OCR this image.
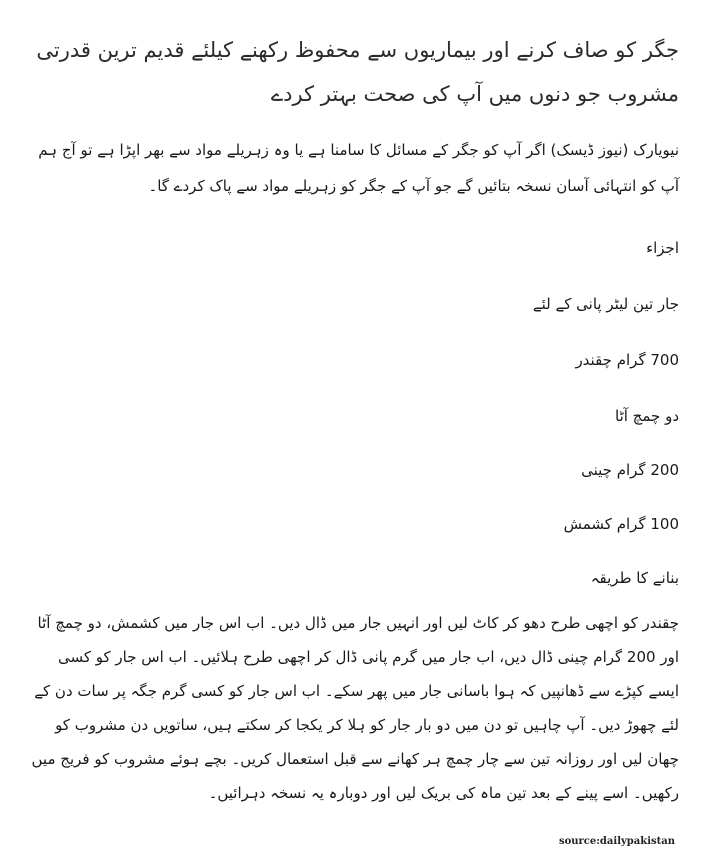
جگر کو صاف کرنے اور بیماریوں سے محفوظ رکھنے کیلئے قدیم ترین قدرتی مشروب جو دنوں میں آپ کی صحت بہتر کردے

نیویارک (نیوز ڈیسک) اگر آپ کو جگر کے مسائل کا سامنا ہے یا وہ زہریلے مواد سے بھر اپڑا ہے تو آج ہم آپ کو انتہائی آسان نسخہ بتائیں گے جو آپ کے جگر کو زہریلے مواد سے پاک کردے گا۔

اجزاء

جار تین لیٹر پانی کے لئے

700 گرام چقندر

دو چمچ آٹا

200 گرام چینی

100 گرام کشمش

بنانے کا طریقہ

چقندر کو اچھی طرح دھو کر کاٹ لیں اور انہیں جار میں ڈال دیں۔ اب اس جار میں کشمش، دو چمچ آٹا اور 200 گرام چینی ڈال دیں، اب جار میں گرم پانی ڈال کر اچھی طرح ہلائیں۔ اب اس جار کو کسی ایسے کپڑے سے ڈھانپیں کہ ہوا باسانی جار میں پھر سکے۔ اب اس جار کو کسی گرم جگہ پر سات دن کے لئے چھوڑ دیں۔ آپ چاہیں تو دن میں دو بار جار کو ہلا کر یکجا کر سکتے ہیں، ساتویں دن مشروب کو چھان لیں اور روزانہ تین سے چار چمچ ہر کھانے سے قبل استعمال کریں۔ بچے ہوئے مشروب کو فریج میں رکھیں۔ اسے پینے کے بعد تین ماہ کی بریک لیں اور دوبارہ یہ نسخہ دہرائیں۔

source:dailypakistan
